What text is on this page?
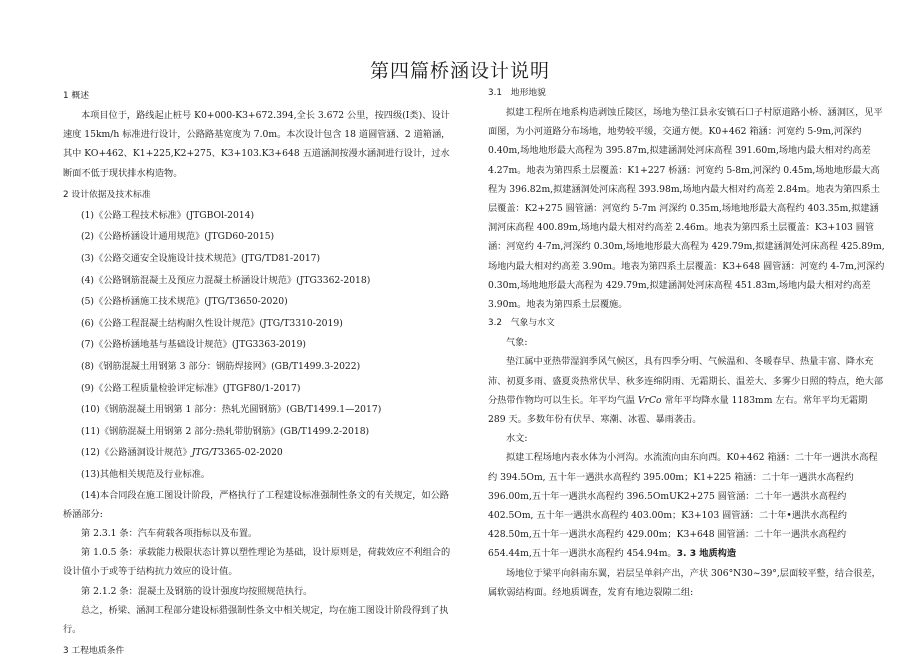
第四篇桥涵设计说明

1 概述

本项目位于，路线起止桩号 K0+000-K3+672.394,全长 3.672 公里，按四级(Ⅰ类)、设计速度 15km/h 标准进行设计，公路路基宽度为 7.0m。本次设计包含 18 道圆管涵、2 道箱涵，其中 KO+462、K1+225,K2+275、K3+103.K3+648 五道涵洞按漫水涵洞进行设计，过水断面不低于现状排水构造物。

2 设计依据及技术标准

(1)《公路工程技术标准》(JTGBOl-2014)

(2)《公路桥涵设计通用规范》(JTGD60-2015)

(3)《公路交通安全设施设计技术规范》(JTG/TD81-2017)

(4)《公路钢筋混凝土及预应力混凝土桥涵设计规范》(JTG3362-2018)

(5)《公路桥涵施工技术规范》(JTG/T3650-2020)

(6)《公路工程混凝土结构耐久性设计规范》(JTG/T3310-2019)

(7)《公路桥涵地基与基础设计规范》(JTG3363-2019)

(8)《钢筋混凝土用钢第 3 部分：钢筋焊接网》(GB/T1499.3-2022)

(9)《公路工程质量检验评定标准》(JTGF80/1-2017)

(10)《钢筋混凝土用钢第 1 部分：热轧光圆钢筋》(GB/T1499.1—2017)

(11)《钢筋混凝土用钢第 2 部分:热轧带肋钢筋》(GB/T1499.2-2018)

(12)《公路涵洞设计规范》JTG/T3365-02-2020

(13)其他相关规范及行业标准。

(14)本合同段在施工图设计阶段，严格执行了工程建设标准强制性条文的有关规定，如公路桥涵部分:

第 2.3.1 条：汽车荷载各项指标以及布置。

第 1.0.5 条：承载能力极限状态计算以塑性理论为基础，设计原则是，荷载效应不利组合的设计值小于或等于结构抗力效应的设计值。

第 2.1.2 条：混凝土及钢筋的设计强度均按照规范执行。

总之，桥梁、涵洞工程部分建设标猎强制性条文中相关规定，均在施工图设计阶段得到了执行。

3 工程地质条件

3.1　地形地貌

拟建工程所在地系构造剥蚀丘陵区，场地为垫江县永安镇石口子村原道路小桥、涵洞区，见平面图，为小河道路分布场地，地势较平缓，交通方便。K0+462 箱涵：河宽约 5-9m,河深约 0.40m,场地地形最大高程为 395.87m,拟建涵洞处河床高程 391.60m,场地内最大相对约高差 4.27m。地表为第四系土层覆盖：K1+227 桥涵：河宽约 5-8m,河深约 0.45m,场地地形最大高程为 396.82m,拟建涵洞处河床高程 393.98m,场地内最大相对约高差 2.84m。地表为第四系土层覆盖：K2+275 圆管涵：河宽约 5-7m 河深约 0.35m,场地地形最大高程约 403.35m,拟建涵洞河床高程 400.89m,场地内最大相对约高差 2.46m。地表为第四系土层覆盖：K3+103 圆管涵：河宽约 4-7m,河深约 0.30m,场地地形最大高程为 429.79m,拟建涵洞处河床高程 425.89m,场地内最大相对约高差 3.90m。地表为第四系土层覆盖：K3+648 圆管涵：河宽约 4-7m,河深约 0.30m,场地地形最大高程为 429.79m,拟建涵洞处河床高程 451.83m,场地内最大相对约高差 3.90m。地表为第四系土层覆施。

3.2　气象与水文

气象:

垫江属中亚热带湿润季风气候区，具有四季分明、气候温和、冬暖春早、热量丰富、降水充沛、初夏多雨、盛夏炎热常伏旱、秋多连绵阴雨、无霜期长、温差大、多雾少日照的特点，绝大部分热带作物均可以生长。年平均气温 VrCo 常年平均降水量 1183mm 左右。常年平均无霜期 289 天。多数年份有伏旱、寒潮、冰雹、暴雨袭击。

水文:

拟建工程场地内表水体为小河沟。水流流向由东向西。K0+462 箱涵：二十年一遇洪水高程约 394.5Om, 五十年一遇洪水高程约 395.00m；K1+225 箱涵：二十年一遇洪水高程约 396.00m,五十年一遇洪水高程约 396.5OmUK2+275 圆管涵：二十年一遇洪水高程约 402.5Om, 五十年一遇洪水高程约 403.00m；K3+103 圆管涵：二十年•遇洪水高程约 428.50m,五十年一遇洪水高程约 429.00m；K3+648 圆管涵：二十年一遇洪水高程约 654.44m,五十年一遇洪水高程约 454.94m。3. 3 地质构造

场地位于梁平向斜南东翼，岩层呈单斜产出，产状 306°N30~39°,层面较平整，结合很差，属软弱结构面。经地质调查，发育有地边裂隙二组:
